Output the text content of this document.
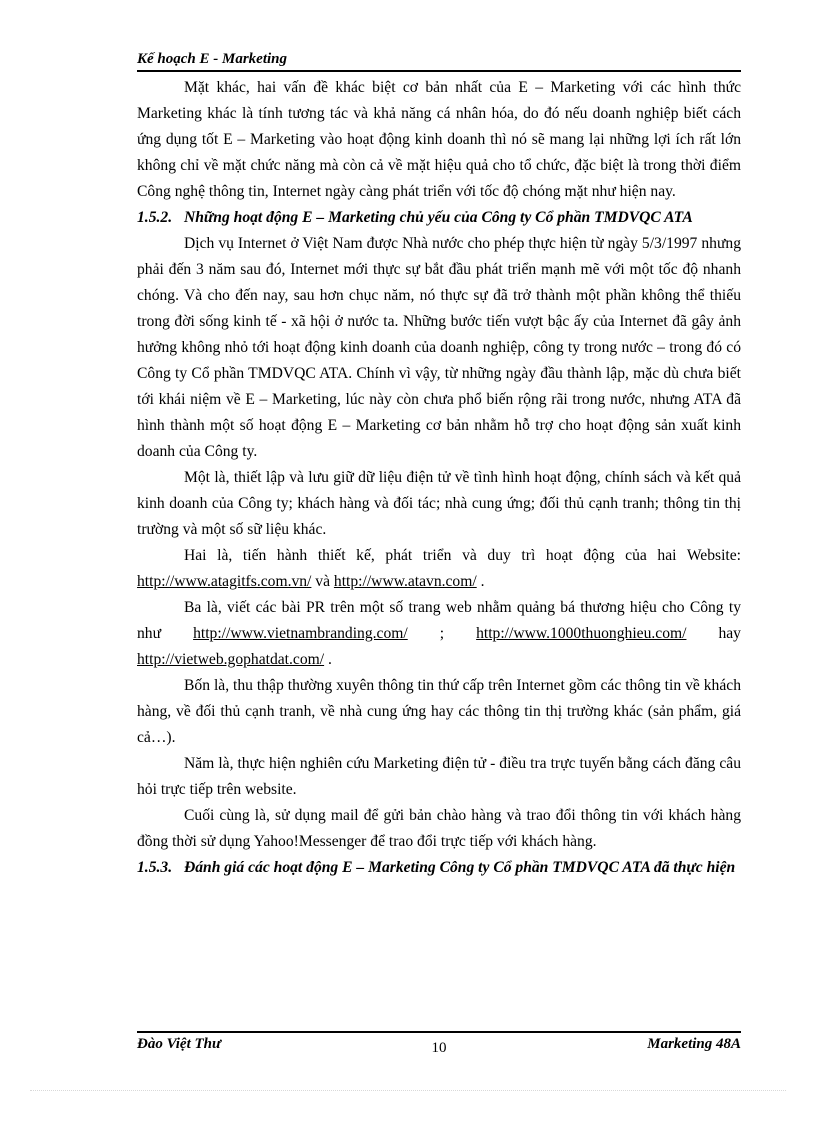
Kế hoạch E - Marketing

Mặt khác, hai vấn đề khác biệt cơ bản nhất của E – Marketing với các hình thức Marketing khác là tính tương tác và khả năng cá nhân hóa, do đó nếu doanh nghiệp biết cách ứng dụng tốt E – Marketing vào hoạt động kinh doanh thì nó sẽ mang lại những lợi ích rất lớn không chỉ về mặt chức năng mà còn cả về mặt hiệu quả cho tổ chức, đặc biệt là trong thời điểm Công nghệ thông tin, Internet ngày càng phát triển với tốc độ chóng mặt như hiện nay.

1.5.2. Những hoạt động E – Marketing chủ yếu của Công ty Cổ phần TMDVQC ATA

Dịch vụ Internet ở Việt Nam được Nhà nước cho phép thực hiện từ ngày 5/3/1997 nhưng phải đến 3 năm sau đó, Internet mới thực sự bắt đầu phát triển mạnh mẽ với một tốc độ nhanh chóng. Và cho đến nay, sau hơn chục năm, nó thực sự đã trở thành một phần không thể thiếu trong đời sống kinh tế - xã hội ở nước ta. Những bước tiến vượt bậc ấy của Internet đã gây ảnh hưởng không nhỏ tới hoạt động kinh doanh của doanh nghiệp, công ty trong nước – trong đó có Công ty Cổ phần TMDVQC ATA. Chính vì vậy, từ những ngày đầu thành lập, mặc dù chưa biết tới khái niệm về E – Marketing, lúc này còn chưa phổ biến rộng rãi trong nước, nhưng ATA đã hình thành một số hoạt động E – Marketing cơ bản nhằm hỗ trợ cho hoạt động sản xuất kinh doanh của Công ty.

Một là, thiết lập và lưu giữ dữ liệu điện tử về tình hình hoạt động, chính sách và kết quả kinh doanh của Công ty; khách hàng và đối tác; nhà cung ứng; đối thủ cạnh tranh; thông tin thị trường và một số sữ liệu khác.

Hai là, tiến hành thiết kế, phát triển và duy trì hoạt động của hai Website: http://www.atagitfs.com.vn/ và http://www.atavn.com/ .

Ba là, viết các bài PR trên một số trang web nhằm quảng bá thương hiệu cho Công ty như http://www.vietnambranding.com/ ; http://www.1000thuonghieu.com/ hay http://vietweb.gophatdat.com/ .

Bốn là, thu thập thường xuyên thông tin thứ cấp trên Internet gồm các thông tin về khách hàng, về đối thủ cạnh tranh, về nhà cung ứng hay các thông tin thị trường khác (sản phẩm, giá cả…).

Năm là, thực hiện nghiên cứu Marketing điện tử - điều tra trực tuyến bằng cách đăng câu hỏi trực tiếp trên website.

Cuối cùng là, sử dụng mail để gửi bản chào hàng và trao đổi thông tin với khách hàng đồng thời sử dụng Yahoo!Messenger để trao đổi trực tiếp với khách hàng.

1.5.3. Đánh giá các hoạt động E – Marketing Công ty Cổ phần TMDVQC ATA đã thực hiện
Đào Việt Thư	10	Marketing 48A
